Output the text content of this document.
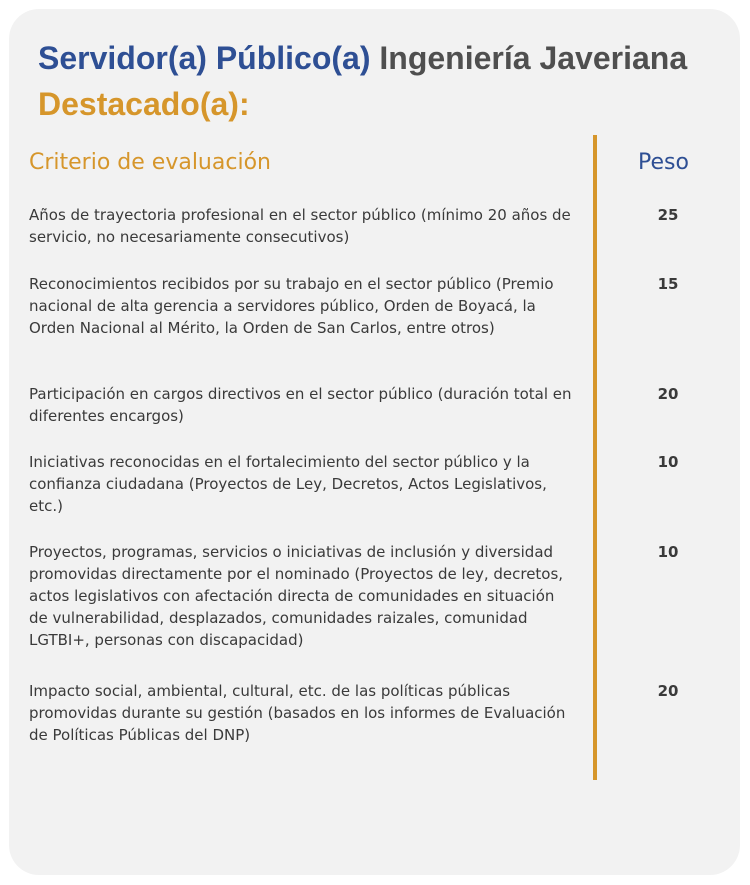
Servidor(a) Público(a) Ingeniería Javeriana Destacado(a):
Criterio de evaluación	Peso
Años de trayectoria profesional en el sector público (mínimo 20 años de servicio, no necesariamente consecutivos)
25
Reconocimientos recibidos por su trabajo en el sector público (Premio nacional de alta gerencia a servidores público, Orden de Boyacá, la Orden Nacional al Mérito, la Orden de San Carlos, entre otros)
15
Participación en cargos directivos en el sector público (duración total en diferentes encargos)
20
Iniciativas reconocidas en el fortalecimiento del sector público y la confianza ciudadana (Proyectos de Ley, Decretos, Actos Legislativos, etc.)
10
Proyectos, programas, servicios o iniciativas de inclusión y diversidad promovidas directamente por el nominado (Proyectos de ley, decretos, actos legislativos con afectación directa de comunidades en situación de vulnerabilidad, desplazados, comunidades raizales, comunidad LGTBI+, personas con discapacidad)
10
Impacto social, ambiental, cultural, etc. de las políticas públicas promovidas durante su gestión (basados en los informes de Evaluación de Políticas Públicas del DNP)
20
